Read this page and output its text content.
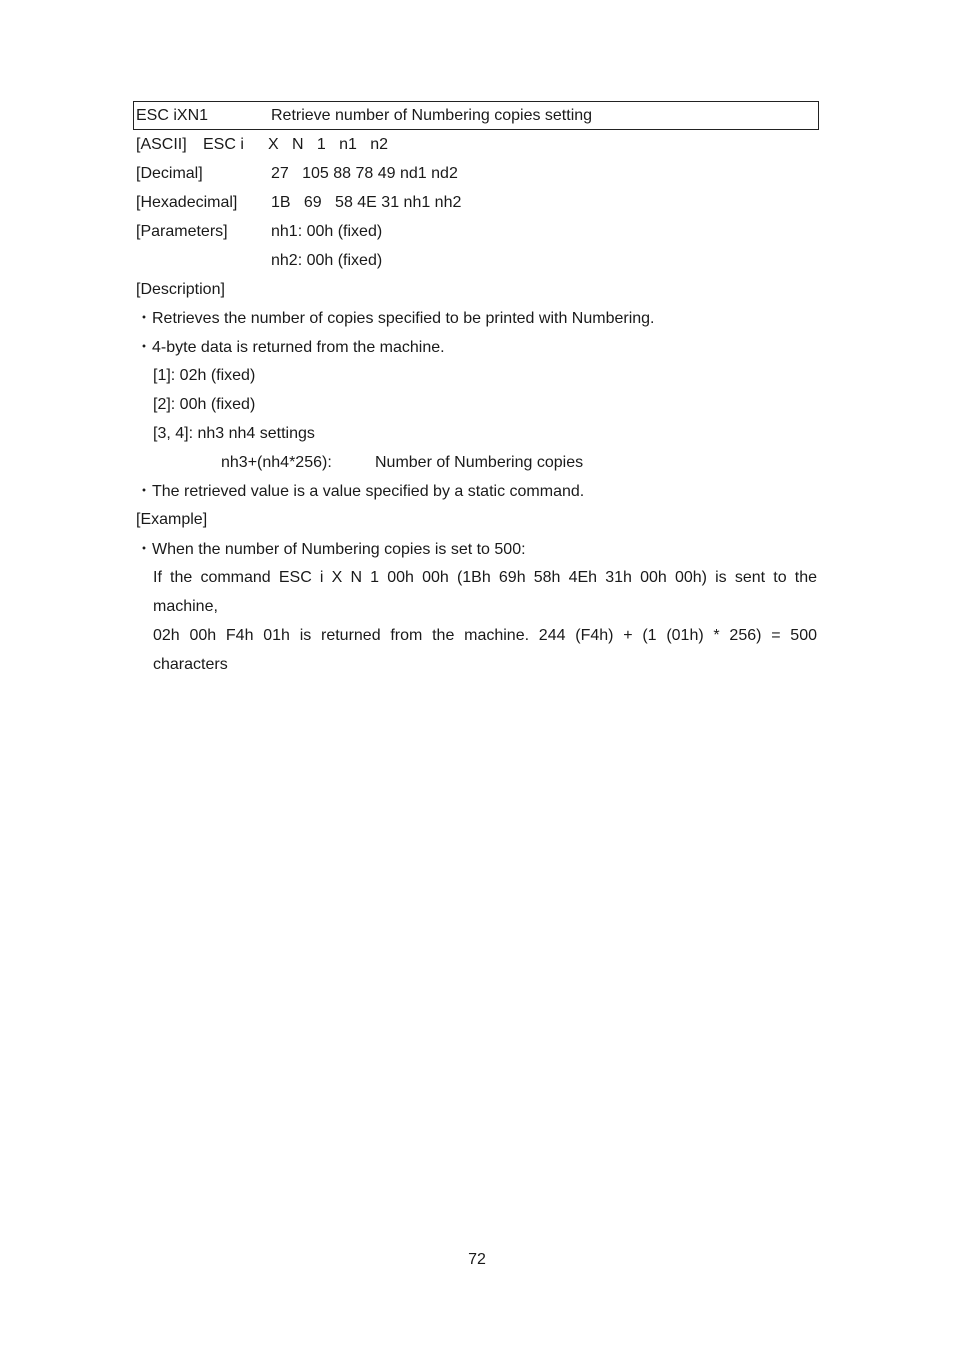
ESC iXN1	Retrieve number of Numbering copies setting
[ASCII] ESC i X   N   1   n1   n2
[Decimal]	27   105 88 78 49 nd1 nd2
[Hexadecimal] 1B   69   58 4E 31 nh1 nh2
[Parameters]	nh1: 00h (fixed)
nh2: 00h (fixed)
[Description]
・Retrieves the number of copies specified to be printed with Numbering.
・4-byte data is returned from the machine.
[1]: 02h (fixed)
[2]: 00h (fixed)
[3, 4]: nh3 nh4 settings
nh3+(nh4*256):	Number of Numbering copies
・The retrieved value is a value specified by a static command.
[Example]
・When the number of Numbering copies is set to 500:
If the command ESC i X N 1 00h 00h (1Bh 69h 58h 4Eh 31h 00h 00h) is sent to the
machine,
02h 00h F4h 01h is returned from the machine. 244 (F4h) + (1 (01h) * 256) = 500
characters
72
